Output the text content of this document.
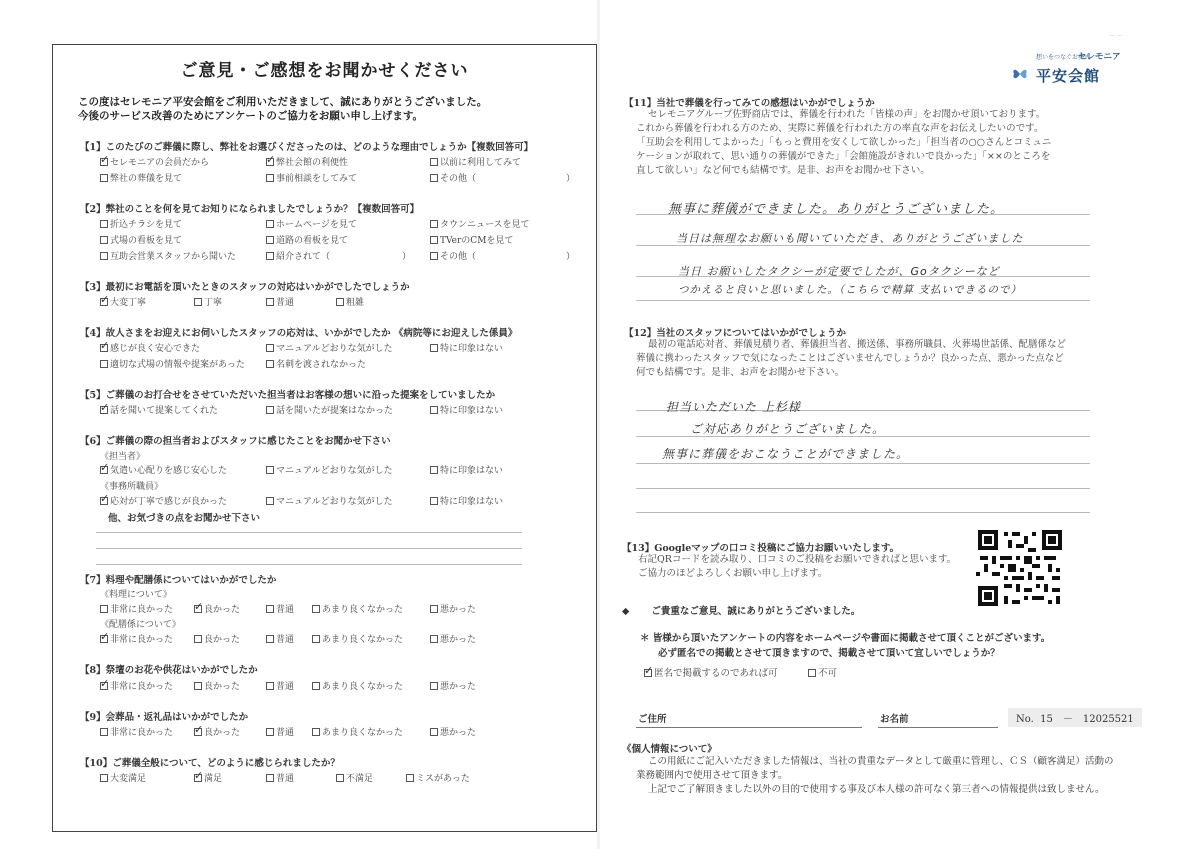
ご意見・ご感想をお聞かせください
この度はセレモニア平安会館をご利用いただきまして、誠にありがとうございました。
今後のサービス改善のためにアンケートのご協力をお願い申し上げます。
【1】このたびのご葬儀に際し、弊社をお選びくださったのは、どのような理由でしょうか【複数回答可】
✓セレモニアの会員だから ✓	弊社会館の利便性	以前に利用してみて
弊社の葬儀を見て	事前相談をしてみて	その他（　　　　　　　　　　）
【2】弊社のことを何を見てお知りになられましたでしょうか？【複数回答可】
折込チラシを見て	ホームページを見て	タウンニュースを見て
式場の看板を見て	道路の看板を見て	TVerのCMを見て
互助会営業スタッフから聞いた	紹介されて（　　　　　　　　）	その他（　　　　　　　　　　）
【3】最初にお電話を頂いたときのスタッフの対応はいかがでしたでしょうか
✓大変丁寧	丁寧	普通	粗雑
【4】故人さまをお迎えにお伺いしたスタッフの応対は、いかがでしたか 《病院等にお迎えした係員》
✓感じが良く安心できた	マニュアルどおりな気がした	特に印象はない
適切な式場の情報や提案があった	名刺を渡されなかった
【5】ご葬儀のお打合せをさせていただいた担当者はお客様の想いに沿った提案をしていましたか
✓話を聞いて提案してくれた	話を聞いたが提案はなかった	特に印象はない
【6】ご葬儀の際の担当者およびスタッフに感じたことをお聞かせ下さい
《担当者》
✓気遣い心配りを感じ安心した	マニュアルどおりな気がした	特に印象はない
《事務所職員》
✓応対が丁寧で感じが良かった	マニュアルどおりな気がした	特に印象はない
他、お気づきの点をお聞かせ下さい
【7】料理や配膳係についてはいかがでしたか
《料理について》
非常に良かった ✓	良かった	普通	あまり良くなかった	悪かった
《配膳係について》
✓非常に良かった	良かった	普通	あまり良くなかった	悪かった
【8】祭壇のお花や供花はいかがでしたか
✓非常に良かった	良かった	普通	あまり良くなかった	悪かった
【9】会葬品・返礼品はいかがでしたか
非常に良かった ✓	良かった	普通	あまり良くなかった	悪かった
【10】ご葬儀全般について、どのように感じられましたか？
大変満足 ✓	満足	普通	不満足	ミスがあった
想いをつなぐお葬式
セレモニア
平安会館
— —
【11】当社で葬儀を行ってみての感想はいかがでしょうか
セレモニアグループ佐野商店では、葬儀を行われた「皆様の声」をお聞かせ頂いております。
これから葬儀を行われる方のため、実際に葬儀を行われた方の率直な声をお伝えしたいのです。
「互助会を利用してよかった」「もっと費用を安くして欲しかった」「担当者の○○さんとコミュニ
ケーションが取れて、思い通りの葬儀ができた」「会館施設がきれいで良かった」「××のところを
直して欲しい」など何でも結構です。是非、お声をお聞かせ下さい。
無事に葬儀ができました。ありがとうございました。
当日は無理なお願いも聞いていただき、ありがとうございました
当日 お願いしたタクシーが定要でしたが、Goタクシーなど
つかえると良いと思いました。（こちらで精算 支払いできるので）
【12】当社のスタッフについてはいかがでしょうか
最初の電話応対者、葬儀見積り者、葬儀担当者、搬送係、事務所職員、火葬場世話係、配膳係など
葬儀に携わったスタッフで気になったことはございませんでしょうか？良かった点、悪かった点など
何でも結構です。是非、お声をお聞かせ下さい。
担当いただいた 上杉様
ご対応ありがとうございました。
無事に葬儀をおこなうことができました。
【13】Googleマップの口コミ投稿にご協力お願いいたします。
右記QRコードを読み取り、口コミのご投稿をお願いできればと思います。
ご協力のほどよろしくお願い申し上げます。
◆ ご貴重なご意見、誠にありがとうございました。
＊ 皆様から頂いたアンケートの内容をホームページや書面に掲載させて頂くことがございます。
必ず匿名での掲載とさせて頂きますので、掲載させて頂いて宜しいでしょうか？
✓匿名で掲載するのであれば可	不可
ご住所	お名前	No. 15　－　12025521
《個人情報について》
この用紙にご記入いただきました情報は、当社の貴重なデータとして厳重に管理し、ＣＳ（顧客満足）活動の
業務範囲内で使用させて頂きます。
上記でご了解頂きました以外の目的で使用する事及び本人様の許可なく第三者への情報提供は致しません。
